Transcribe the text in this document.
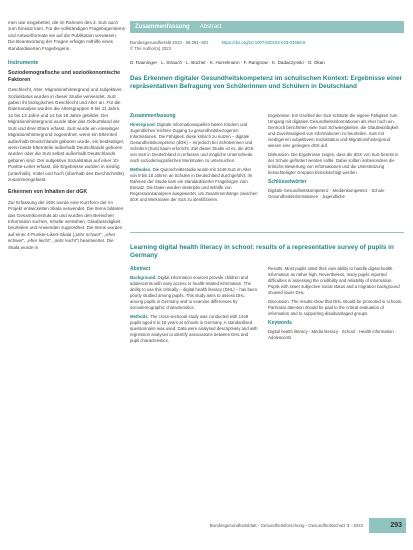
men war eingebettet, die im Rahmen des 3. SuS auch zum Einsatz kam. Für die vollständigen Fragebogenitems und Antwortformate sei auf die Publikation verwiesen. Die Beantwortung der Fragen erfolgte mithilfe eines standardisierten Fragebogens.

Instrumente
Soziodemografische und sozioökonomische Faktoren

Geschlecht, Alter, Migrationshintergrund und subjektiver Sozialstatus wurden in dieser Studie verwendet. SuS gaben ihr biologisches Geschlecht und Alter an. Für die Datenanalyse wurden die Altersgruppen 9 bis 11 Jahre, 12 bis 13 Jahre und 14 bis 18 Jahre gebildet. Der Migrationshintergrund wurde über das Geburtsland der SuS und ihrer Eltern erfasst. SuS wurde ein einseitiger Migrationshintergrund zugeordnet, wenn ein Elternteil außerhalb Deutschlands geboren wurde, ein beidseitiger, wenn beide Elternteile außerhalb Deutschlands geboren wurden oder die SuS selbst außerhalb Deutschlands geboren sind. Der subjektive Sozialstatus auf einer 10-Punkte-Leiter erfasst, die Ergebnisse wurden in niedrig (unterhalb), mittel und hoch (oberhalb des Durchschnitts) zusammengefasst.

Erkennen von Inhalten der dGK

Zur Erfassung der dGK wurde eine Kurzform der im Projekt entwickelten Skala verwendet. Die Items bildeten das Gesamtkonstrukt ab und wurden den Bereichen Information suchen, Inhalte verstehen, Glaubwürdigkeit beurteilen und Anwenden zugeordnet. Die Items wurden auf einer 4-Punkte-Likert-Skala („sehr schwer“, „eher schwer“, „eher leicht“, „sehr leicht“) beantwortet. Die Skala wurde in

Zusammenfassung Abstract
Bundesgesundheitsbl 2023 · 66:291–301	https://doi.org/10.1007/s00103-023-03668-6
© The Author(s) 2023
D. Rauninger · L. Strauch · L. Bücher · K. Hurrelmann · F. Rangnow · K. Dadaczynski · O. Okan
Das Erkennen digitaler Gesundheitskompetenz im schulischen Kontext: Ergebnisse einer repräsentativen Befragung von Schülerinnen und Schülern in Deutschland
Zusammenfassung

Hintergrund. Digitale Informationsquellen bieten Kindern und Jugendlichen leichten Zugang zu gesundheitsbezogenen Informationen. Die Fähigkeit, diese kritisch zu nutzen – digitale Gesundheitskompetenz (dGK) – ist jedoch bei Schülerinnen und Schülern (SuS) kaum erforscht. Ziel dieser Studie ist es, die dGK von SuS in Deutschland zu erfassen und mögliche Unterschiede nach soziodemografischen Merkmalen zu untersuchen.

Methoden. Die Querschnittsstudie wurde mit 1448 SuS im Alter von 9 bis 18 Jahren an Schulen in Deutschland durchgeführt. Im Rahmen der Studie kam ein standardisierter Fragebogen zum Einsatz. Die Daten wurden deskriptiv und mithilfe von Regressionsanalysen ausgewertet, um Zusammenhänge zwischen dGK und Merkmalen der SuS zu identifizieren.

Ergebnisse. Ein Großteil der SuS schätzte die eigene Fähigkeit zum Umgang mit digitalen Gesundheitsinformationen als eher hoch ein. Dennoch berichteten viele SuS Schwierigkeiten, die Glaubwürdigkeit und Zuverlässigkeit von Informationen zu beurteilen. SuS mit niedrigerem subjektivem Sozialstatus und Migrationshintergrund wiesen eine geringere dGK auf.

Diskussion. Die Ergebnisse zeigen, dass die dGK von SuS bereits in der Schule gefördert werden sollte. Dabei sollten insbesondere die kritische Bewertung von Informationen und die Unterstützung benachteiligter Gruppen berücksichtigt werden.

Schlüsselwörter

Digitale Gesundheitskompetenz · Medienkompetenz · Schule · Gesundheitsinformationen · Jugendliche

Learning digital health literacy in school: results of a representative survey of pupils in Germany
Abstract

Background. Digital information sources provide children and adolescents with easy access to health-related information. The ability to use this critically – digital health literacy (DHL) – has been poorly studied among pupils. This study aims to assess DHL among pupils in Germany and to examine differences by sociodemographic characteristics.

Methods. The cross-sectional study was conducted with 1448 pupils aged 9 to 18 years at schools in Germany. A standardised questionnaire was used. Data were analysed descriptively and with regression analyses to identify associations between DHL and pupil characteristics.

Results. Most pupils rated their own ability to handle digital health information as rather high. Nevertheless, many pupils reported difficulties in assessing the credibility and reliability of information. Pupils with lower subjective social status and a migration background showed lower DHL.

Discussion. The results show that DHL should be promoted in schools. Particular attention should be paid to the critical evaluation of information and to supporting disadvantaged groups.

Keywords

Digital health literacy · Media literacy · School · Health information · Adolescents

Bundesgesundheitsblatt - Gesundheitsforschung - Gesundheitsschutz 3 · 2023	293
